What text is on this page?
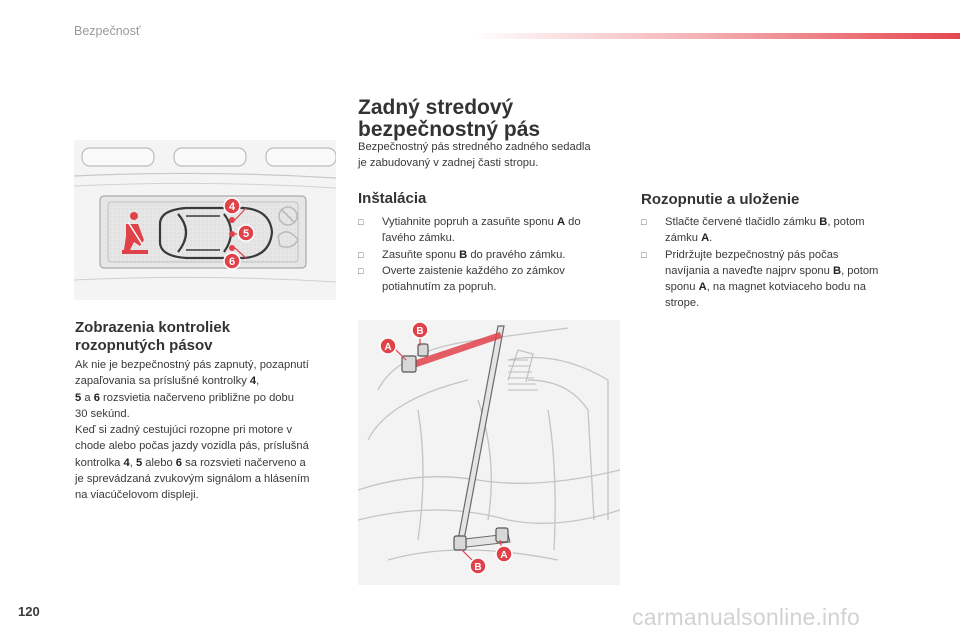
Bezpečnosť
4
5
6
Zobrazenia kontroliek
rozopnutých pásov
Ak nie je bezpečnostný pás zapnutý, pozapnutí zapaľovania sa príslušné kontrolky 4,
5 a 6 rozsvietia načerveno približne po dobu
30 sekúnd.
Keď si zadný cestujúci rozopne pri motore v
chode alebo počas jazdy vozidla pás, príslušná
kontrolka 4, 5 alebo 6 sa rozsvieti načerveno a
je sprevádzaná zvukovým signálom a hlásením
na viacúčelovom displeji.
Zadný stredový
bezpečnostný pás
Bezpečnostný pás stredného zadného sedadla
je zabudovaný v zadnej časti stropu.
Inštalácia
□ Vytiahnite popruh a zasuňte sponu A do
ľavého zámku.
□ Zasuňte sponu B do pravého zámku.
□ Overte zaistenie každého zo zámkov
potiahnutím za popruh.
Rozopnutie a uloženie
□ Stlačte červené tlačidlo zámku B, potom
zámku A.
□ Pridržujte bezpečnostný pás počas
navíjania a naveďte najprv sponu B, potom
sponu A, na magnet kotviaceho bodu na
strope.
A
B
A
B
120	carmanualsonline.info
